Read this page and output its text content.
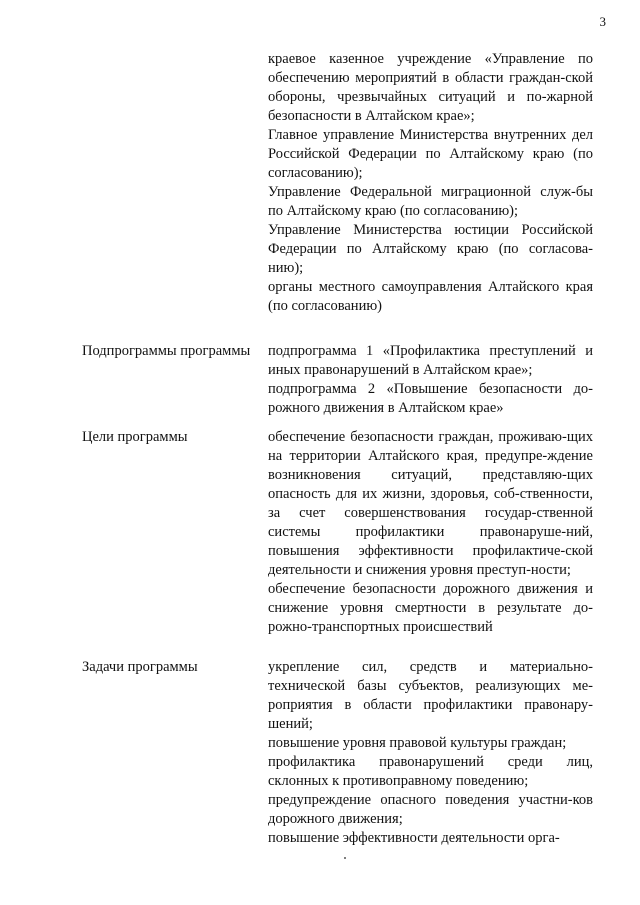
3
краевое казенное учреждение «Управление по обеспечению мероприятий в области граждан-ской обороны, чрезвычайных ситуаций и по-жарной безопасности в Алтайском крае»;
Главное управление Министерства внутренних дел Российской Федерации по Алтайскому краю (по согласованию);
Управление Федеральной миграционной служ-бы по Алтайскому краю (по согласованию);
Управление Министерства юстиции Российской Федерации по Алтайскому краю (по согласова-нию);
органы местного самоуправления Алтайского края (по согласованию)
Подпрограммы программы подпрограмма 1 «Профилактика преступлений и иных правонарушений в Алтайском крае»;
подпрограмма 2 «Повышение безопасности до-рожного движения в Алтайском крае»
Цели программы	обеспечение безопасности граждан, проживаю-щих на территории Алтайского края, предупре-ждение возникновения ситуаций, представляю-щих опасность для их жизни, здоровья, соб-ственности, за счет совершенствования государ-ственной системы профилактики правонаруше-ний, повышения эффективности профилактиче-ской деятельности и снижения уровня преступ-ности;
обеспечение безопасности дорожного движения и снижение уровня смертности в результате до-рожно-транспортных происшествий
Задачи программы	укрепление сил, средств и материально-технической базы субъектов, реализующих ме-роприятия в области профилактики правонару-шений;
повышение уровня правовой культуры граждан;
профилактика правонарушений среди лиц, склонных к противоправному поведению;
предупреждение опасного поведения участни-ков дорожного движения;
повышение эффективности деятельности орга-
